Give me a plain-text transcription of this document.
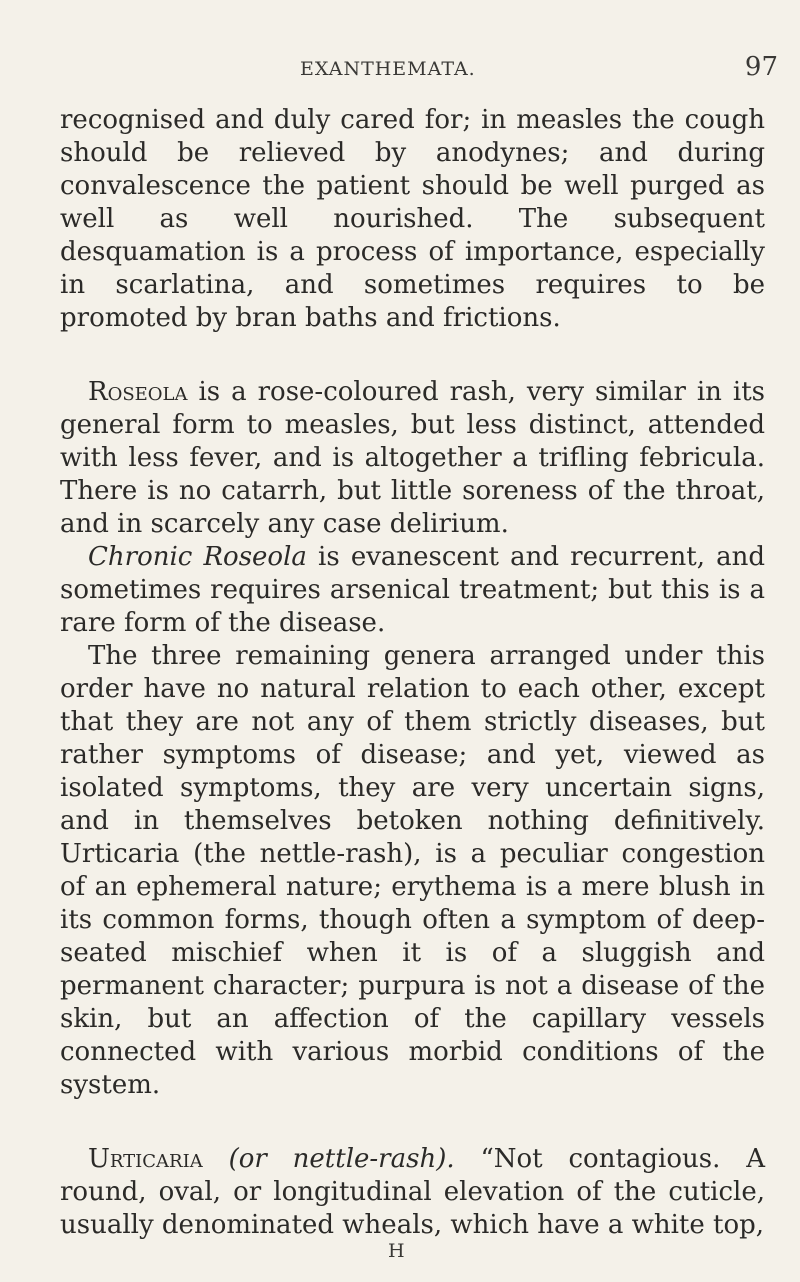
EXANTHEMATA.	97

recognised and duly cared for; in measles the cough should be relieved by anodynes; and during convalescence the patient should be well purged as well as well nourished. The subsequent desquamation is a process of importance, especially in scarlatina, and sometimes requires to be promoted by bran baths and frictions.

Roseola is a rose-coloured rash, very similar in its general form to measles, but less distinct, attended with less fever, and is altogether a trifling febricula. There is no catarrh, but little soreness of the throat, and in scarcely any case delirium.

Chronic Roseola is evanescent and recurrent, and sometimes requires arsenical treatment; but this is a rare form of the disease.

The three remaining genera arranged under this order have no natural relation to each other, except that they are not any of them strictly diseases, but rather symptoms of disease; and yet, viewed as isolated symptoms, they are very uncertain signs, and in themselves betoken nothing definitively. Urticaria (the nettle-rash), is a peculiar congestion of an ephemeral nature; erythema is a mere blush in its common forms, though often a symptom of deep-seated mischief when it is of a sluggish and permanent character; purpura is not a disease of the skin, but an affection of the capillary vessels connected with various morbid conditions of the system.

Urticaria (or nettle-rash). “Not contagious. A round, oval, or longitudinal elevation of the cuticle, usually denominated wheals, which have a white top,

H
